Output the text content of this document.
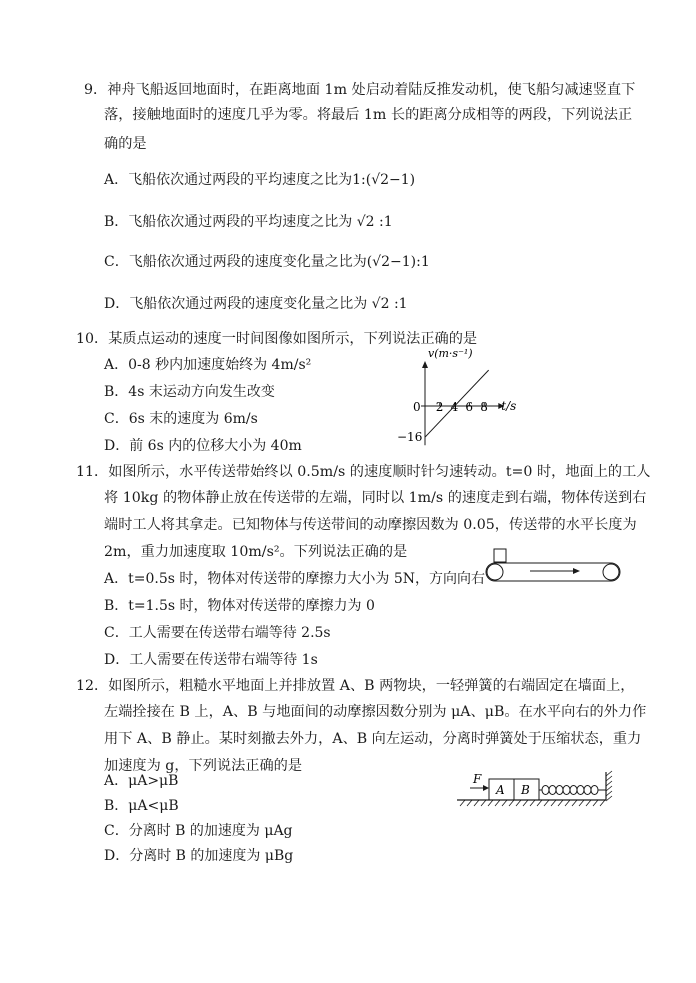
9．神舟飞船返回地面时，在距离地面 1m 处启动着陆反推发动机，使飞船匀减速竖直下
落，接触地面时的速度几乎为零。将最后 1m 长的距离分成相等的两段，下列说法正
确的是
A．飞船依次通过两段的平均速度之比为1:(√2−1)
B．飞船依次通过两段的平均速度之比为 √2 :1
C．飞船依次通过两段的速度变化量之比为(√2−1):1
D．飞船依次通过两段的速度变化量之比为 √2 :1
10．某质点运动的速度一时间图像如图所示，下列说法正确的是
A．0-8 秒内加速度始终为 4m/s²
B．4s 末运动方向发生改变
C．6s 末的速度为 6m/s
D．前 6s 内的位移大小为 40m
v(m·s⁻¹)
t/s
0 2 4 6 8
−16
11．如图所示，水平传送带始终以 0.5m/s 的速度顺时针匀速转动。t=0 时，地面上的工人
将 10kg 的物体静止放在传送带的左端，同时以 1m/s 的速度走到右端，物体传送到右
端时工人将其拿走。已知物体与传送带间的动摩擦因数为 0.05，传送带的水平长度为
2m，重力加速度取 10m/s²。下列说法正确的是
A．t=0.5s 时，物体对传送带的摩擦力大小为 5N，方向向右
B．t=1.5s 时，物体对传送带的摩擦力为 0
C．工人需要在传送带右端等待 2.5s
D．工人需要在传送带右端等待 1s
12．如图所示，粗糙水平地面上并排放置 A、B 两物块，一轻弹簧的右端固定在墙面上，
左端拴接在 B 上，A、B 与地面间的动摩擦因数分别为 μA、μB。在水平向右的外力作
用下 A、B 静止。某时刻撤去外力，A、B 向左运动，分离时弹簧处于压缩状态，重力
加速度为 g，下列说法正确的是
A．μA>μB
B．μA<μB
C．分离时 B 的加速度为 μAg
D．分离时 B 的加速度为 μBg
F
A B
